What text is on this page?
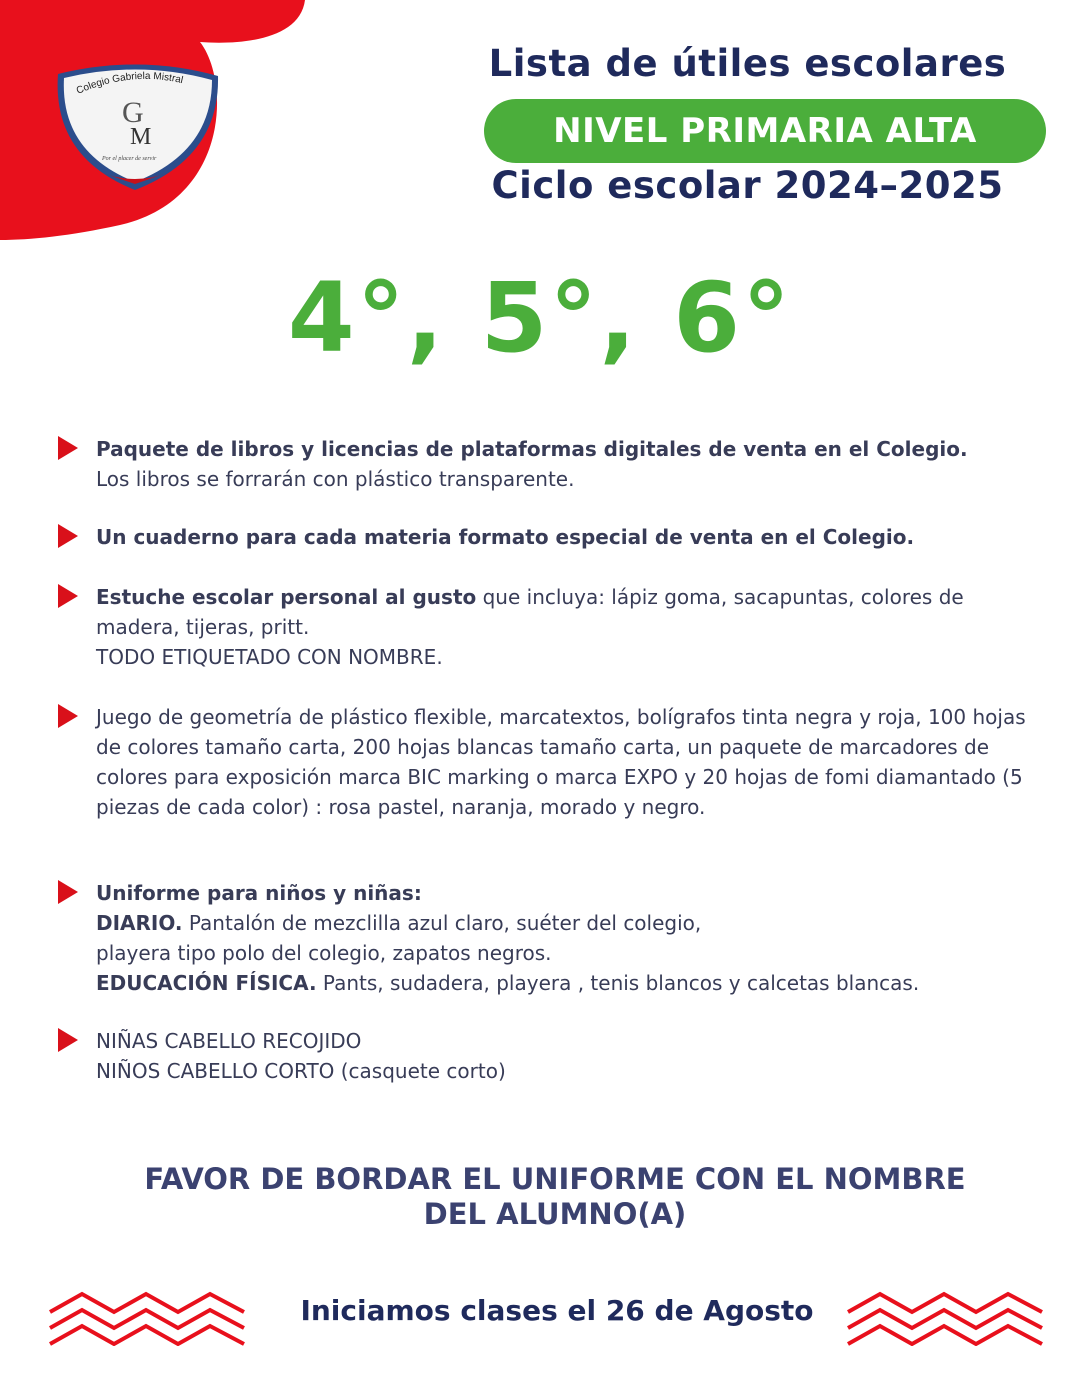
Colegio Gabriela Mistral
G
M
Por el placer de servir
Lista de útiles escolares
NIVEL PRIMARIA ALTA
Ciclo escolar 2024–2025
4°, 5°, 6°
Paquete de libros y licencias de plataformas digitales de venta en el Colegio.
Los libros se forrarán con plástico transparente.
Un cuaderno para cada materia formato especial de venta en el Colegio.
Estuche escolar personal al gusto que incluya: lápiz goma, sacapuntas, colores de madera, tijeras, pritt.
TODO ETIQUETADO CON NOMBRE.
Juego de geometría de plástico flexible, marcatextos, bolígrafos tinta negra y roja, 100 hojas de colores tamaño carta, 200 hojas blancas tamaño carta, un paquete de marcadores de colores para exposición marca BIC marking o marca EXPO y 20 hojas de fomi diamantado (5 piezas de cada color) : rosa pastel, naranja, morado y negro.
Uniforme para niños y niñas:
DIARIO. Pantalón de mezclilla azul claro, suéter del colegio,
playera tipo polo del colegio, zapatos negros.
EDUCACIÓN FÍSICA. Pants, sudadera, playera , tenis blancos y calcetas blancas.
NIÑAS CABELLO RECOJIDO
NIÑOS CABELLO CORTO (casquete corto)
FAVOR DE BORDAR EL UNIFORME CON EL NOMBRE
DEL ALUMNO(A)
Iniciamos clases el 26 de Agosto
